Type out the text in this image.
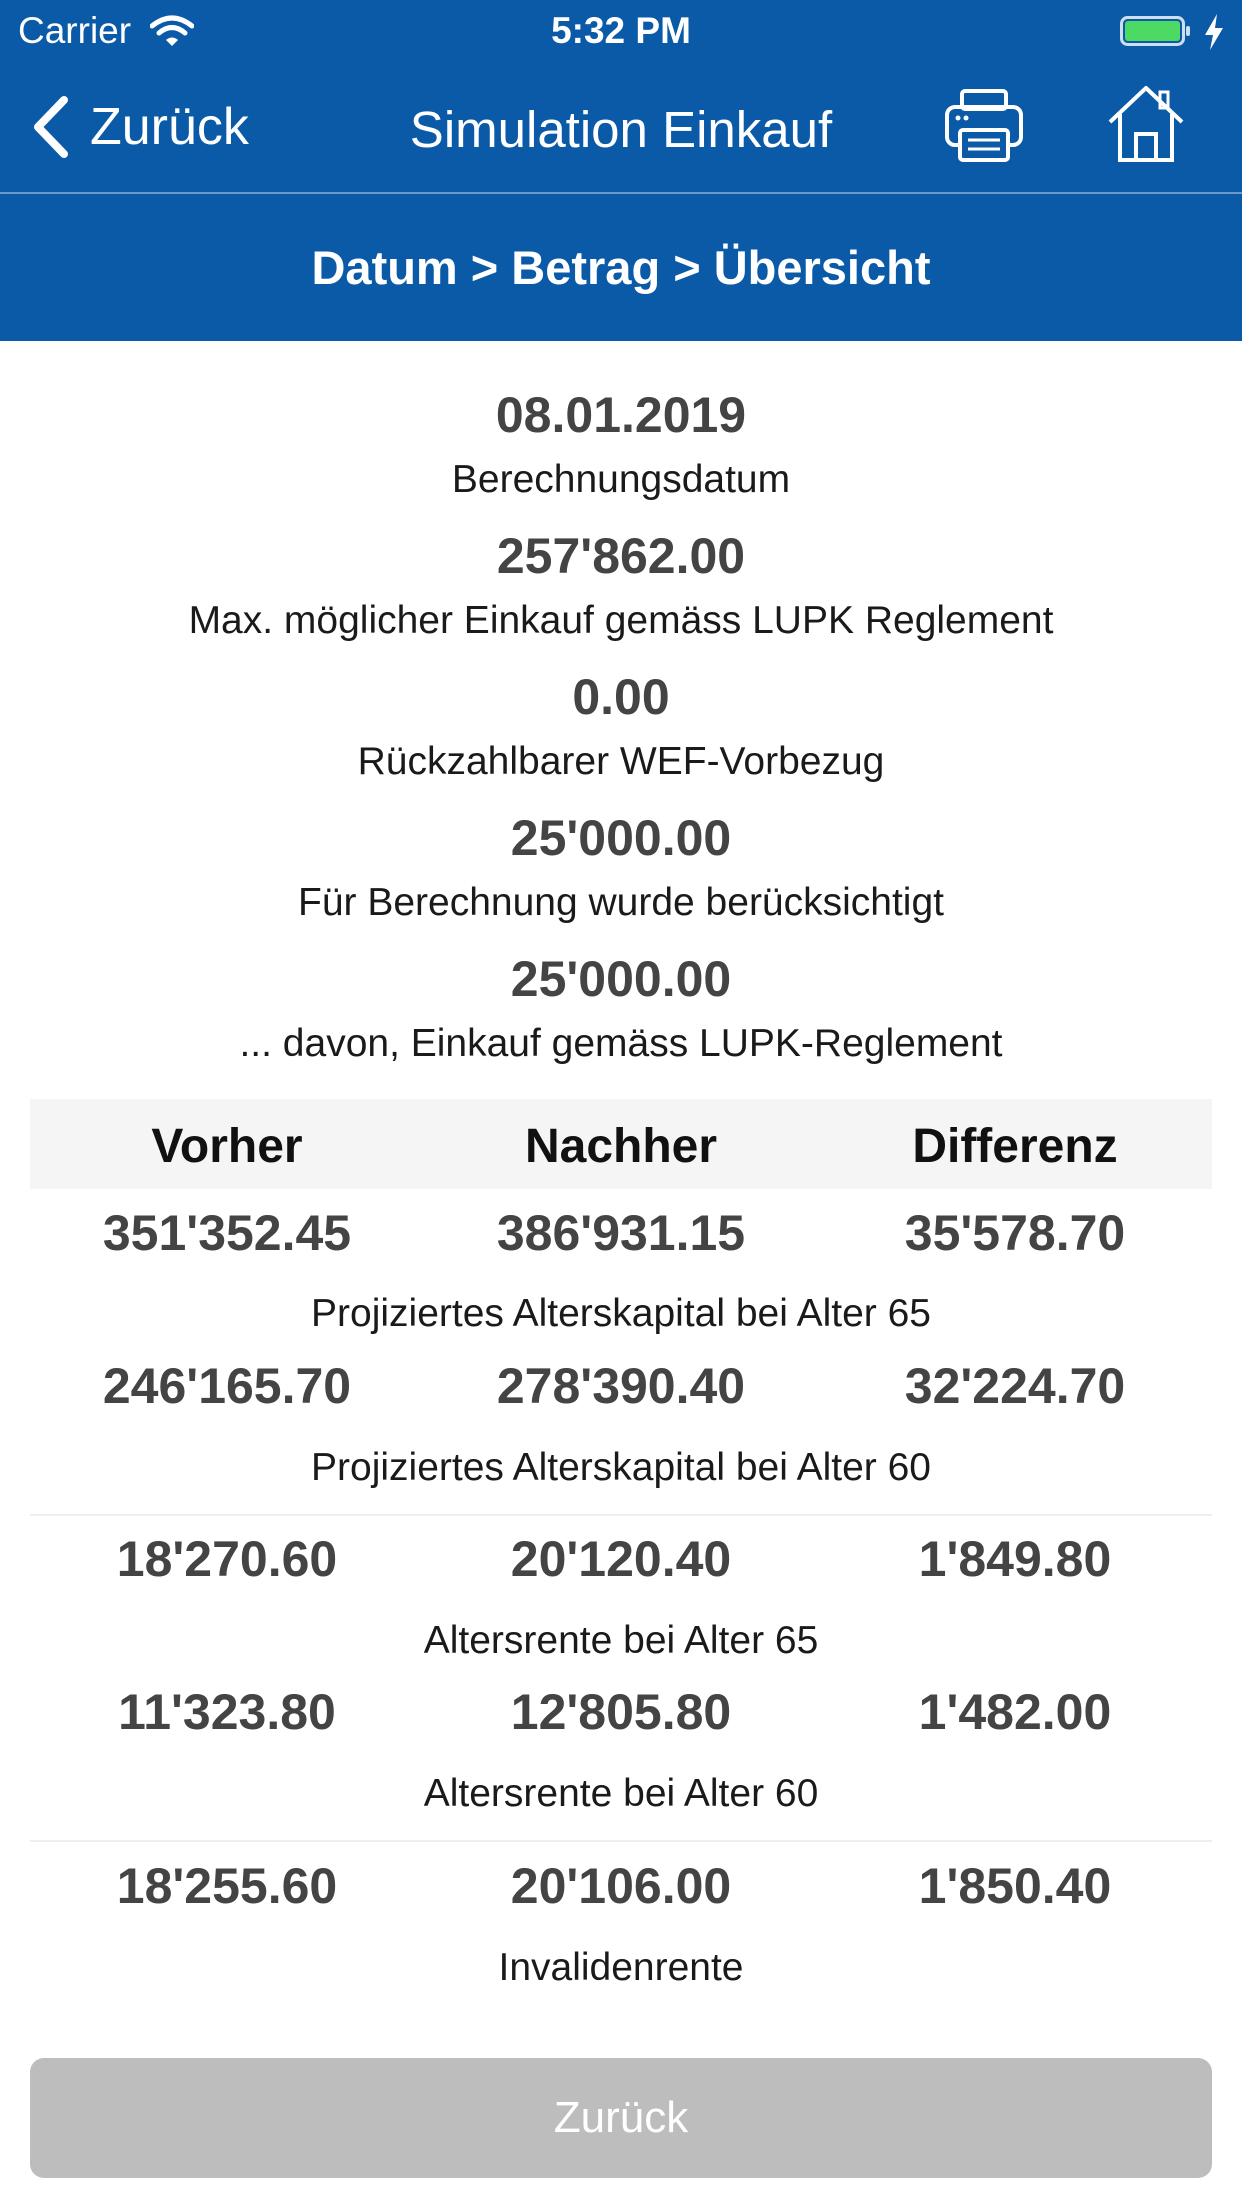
Carrier	5:32 PM
Zurück	Simulation Einkauf
Datum > Betrag > Übersicht
08.01.2019
Berechnungsdatum
257'862.00
Max. möglicher Einkauf gemäss LUPK Reglement
0.00
Rückzahlbarer WEF-Vorbezug
25'000.00
Für Berechnung wurde berücksichtigt
25'000.00
... davon, Einkauf gemäss LUPK-Reglement
Vorher	Nachher	Differenz
351'352.45	386'931.15	35'578.70
Projiziertes Alterskapital bei Alter 65
246'165.70	278'390.40	32'224.70
Projiziertes Alterskapital bei Alter 60
18'270.60	20'120.40	1'849.80
Altersrente bei Alter 65
11'323.80	12'805.80	1'482.00
Altersrente bei Alter 60
18'255.60	20'106.00	1'850.40
Invalidenrente
Zurück
